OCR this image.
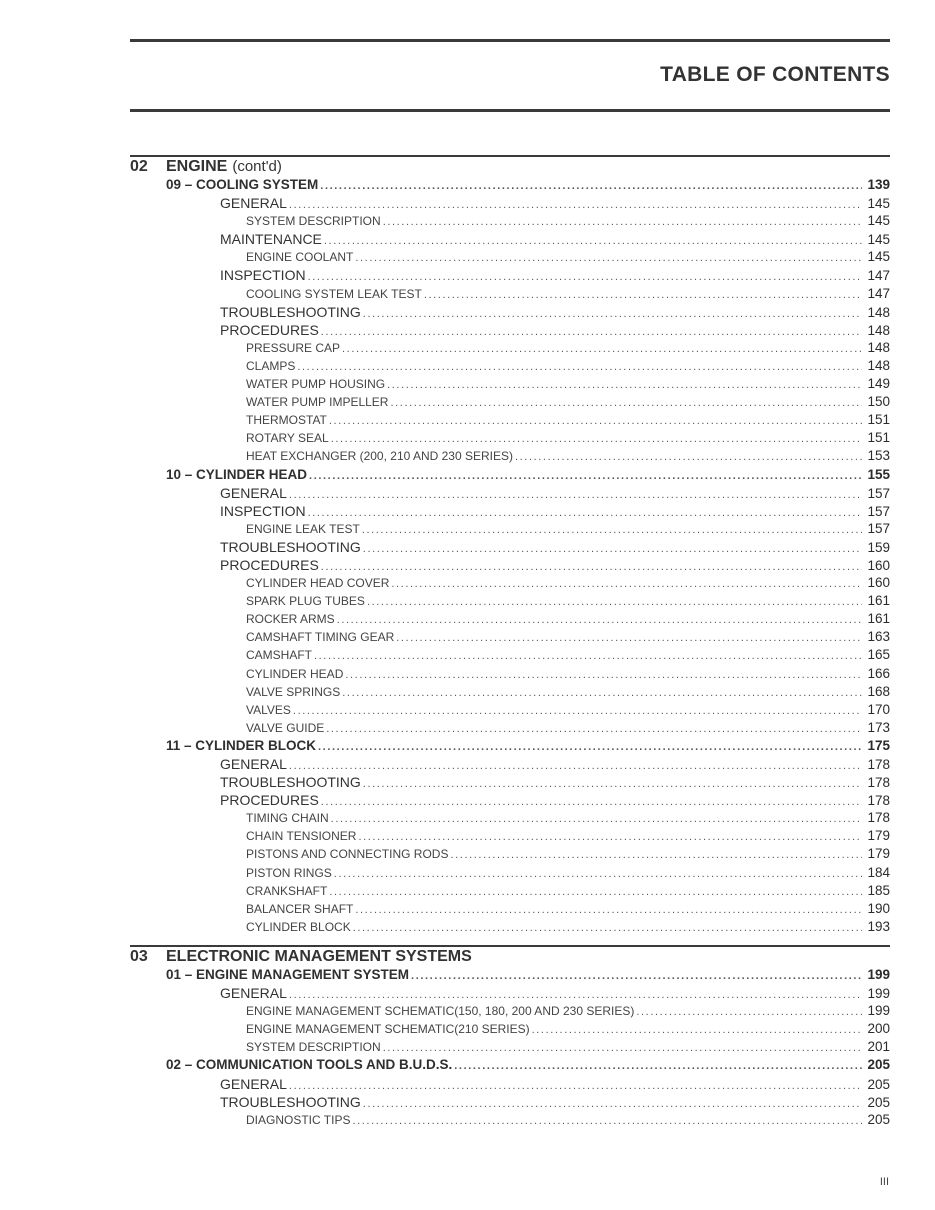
TABLE OF CONTENTS
02	ENGINE (cont'd)
09 – COOLING SYSTEM .....	139
GENERAL .....	145
SYSTEM DESCRIPTION .....	145
MAINTENANCE .....	145
ENGINE COOLANT .....	145
INSPECTION .....	147
COOLING SYSTEM LEAK TEST .....	147
TROUBLESHOOTING .....	148
PROCEDURES .....	148
PRESSURE CAP .....	148
CLAMPS .....	148
WATER PUMP HOUSING .....	149
WATER PUMP IMPELLER .....	150
THERMOSTAT .....	151
ROTARY SEAL .....	151
HEAT EXCHANGER (200, 210 AND 230 SERIES) .....	153
10 – CYLINDER HEAD .....	155
GENERAL .....	157
INSPECTION .....	157
ENGINE LEAK TEST .....	157
TROUBLESHOOTING .....	159
PROCEDURES .....	160
CYLINDER HEAD COVER .....	160
SPARK PLUG TUBES .....	161
ROCKER ARMS .....	161
CAMSHAFT TIMING GEAR .....	163
CAMSHAFT .....	165
CYLINDER HEAD .....	166
VALVE SPRINGS .....	168
VALVES .....	170
VALVE GUIDE .....	173
11 – CYLINDER BLOCK .....	175
GENERAL .....	178
TROUBLESHOOTING .....	178
PROCEDURES .....	178
TIMING CHAIN .....	178
CHAIN TENSIONER .....	179
PISTONS AND CONNECTING RODS .....	179
PISTON RINGS .....	184
CRANKSHAFT .....	185
BALANCER SHAFT .....	190
CYLINDER BLOCK .....	193
03	ELECTRONIC MANAGEMENT SYSTEMS
01 – ENGINE MANAGEMENT SYSTEM .....	199
GENERAL .....	199
ENGINE MANAGEMENT SCHEMATIC(150, 180, 200 AND 230 SERIES) .....	199
ENGINE MANAGEMENT SCHEMATIC(210 SERIES) .....	200
SYSTEM DESCRIPTION .....	201
02 – COMMUNICATION TOOLS AND B.U.D.S. .....	205
GENERAL .....	205
TROUBLESHOOTING .....	205
DIAGNOSTIC TIPS .....	205
III
